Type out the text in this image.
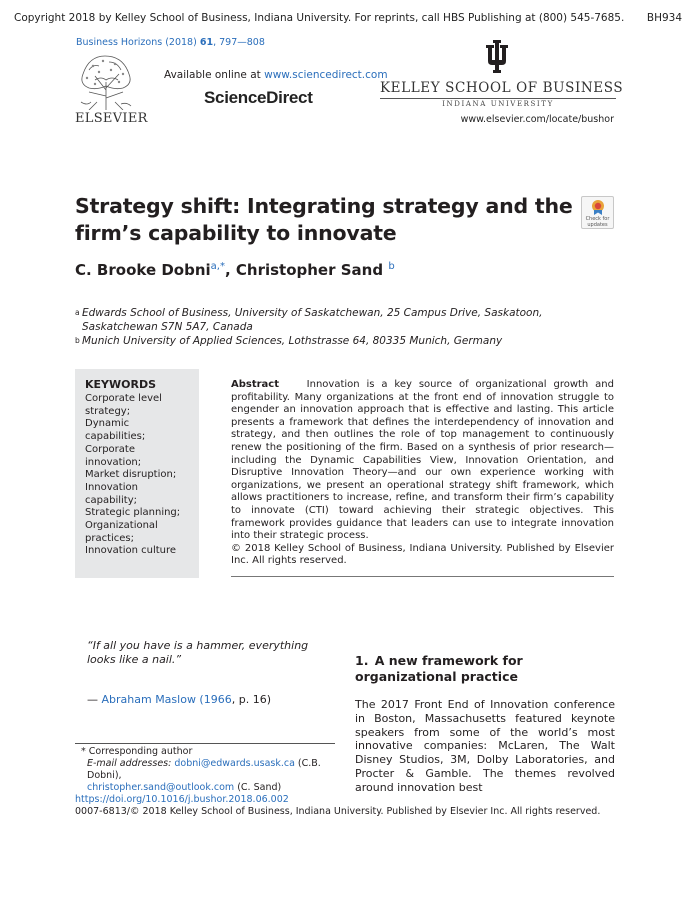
Copyright 2018 by Kelley School of Business, Indiana University. For reprints, call HBS Publishing at (800) 545-7685. BH934
Business Horizons (2018) 61, 797—808
ELSEVIER
Available online at www.sciencedirect.com
ScienceDirect	KELLEY SCHOOL OF BUSINESS
INDIANA UNIVERSITY
www.elsevier.com/locate/bushor
Strategy shift: Integrating strategy and the firm’s capability to innovate
Check for updates
C. Brooke Dobni$^{a,*}$, Christopher Sand $^b$
a Edwards School of Business, University of Saskatchewan, 25 Campus Drive, Saskatoon, Saskatchewan S7N 5A7, Canada
b Munich University of Applied Sciences, Lothstrasse 64, 80335 Munich, Germany
KEYWORDS
Corporate level
strategy;
Dynamic capabilities;
Corporate innovation;
Market disruption;
Innovation capability;
Strategic planning;
Organizational
practices;
Innovation culture

Abstract	Innovation is a key source of organizational growth and profitability. Many organizations at the front end of innovation struggle to engender an innovation approach that is effective and lasting. This article presents a framework that defines the interdependency of innovation and strategy, and then outlines the role of top management to continuously renew the positioning of the firm. Based on a synthesis of prior research—including the Dynamic Capabilities View, Innovation Orientation, and Disruptive Innovation Theory—and our own experience working with organizations, we present an operational strategy shift framework, which allows practitioners to increase, refine, and transform their firm’s capability to innovate (CTI) toward achieving their strategic objectives. This framework provides guidance that leaders can use to integrate innovation into their strategic process.

© 2018 Kelley School of Business, Indiana University. Published by Elsevier Inc. All rights reserved.

“If all you have is a hammer, everything looks like a nail.”
— Abraham Maslow (1966, p. 16)
1. A new framework for organizational practice

The 2017 Front End of Innovation conference in Boston, Massachusetts featured keynote speakers from some of the world’s most innovative companies: McLaren, The Walt Disney Studios, 3M, Dolby Laboratories, and Procter & Gamble. The themes revolved around innovation best

* Corresponding author
E-mail addresses: dobni@edwards.usask.ca (C.B. Dobni),
christopher.sand@outlook.com (C. Sand)
https://doi.org/10.1016/j.bushor.2018.06.002
0007-6813/© 2018 Kelley School of Business, Indiana University. Published by Elsevier Inc. All rights reserved.
